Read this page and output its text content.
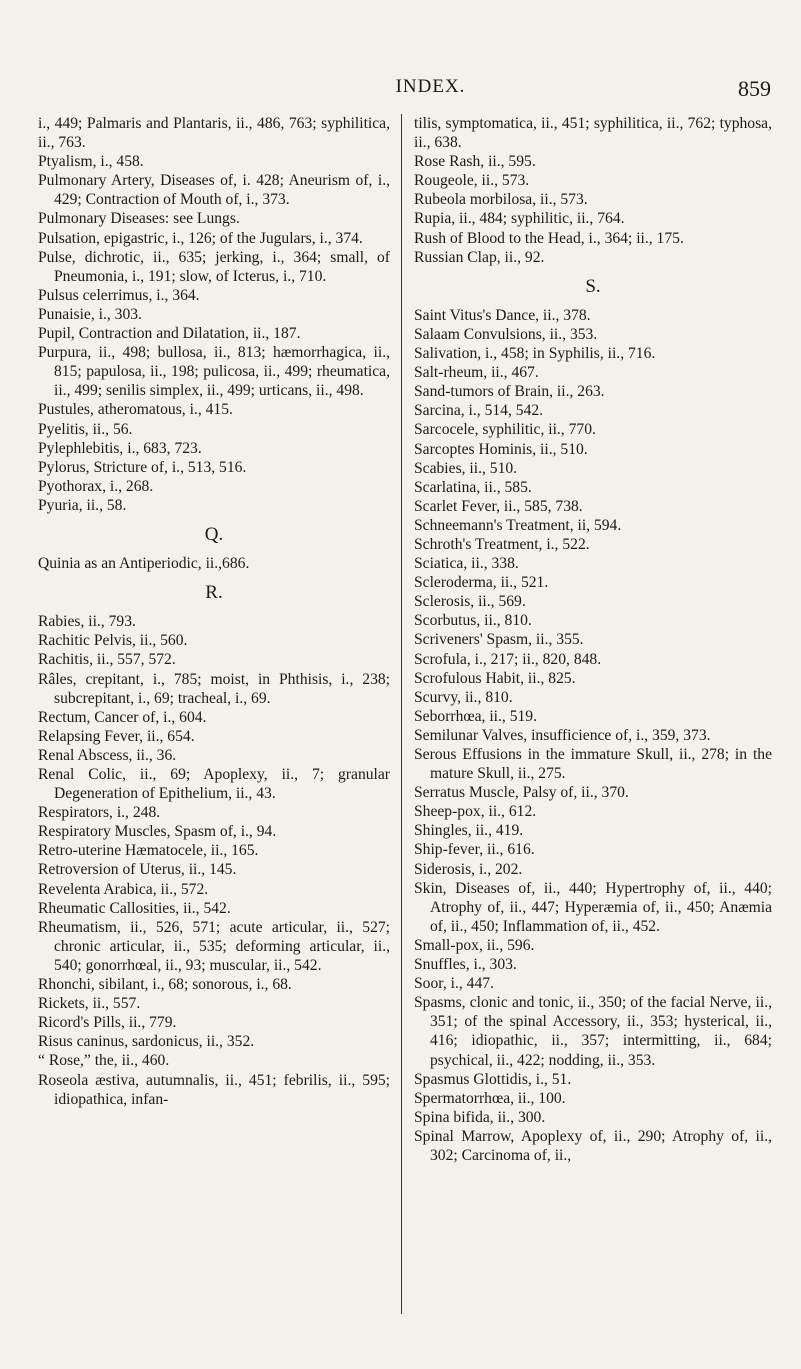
INDEX.	859
i., 449; Palmaris and Plantaris, ii., 486, 763; syphilitica, ii., 763.
Ptyalism, i., 458.
Pulmonary Artery, Diseases of, i. 428; Aneurism of, i., 429; Contraction of Mouth of, i., 373.
Pulmonary Diseases: see Lungs.
Pulsation, epigastric, i., 126; of the Jugulars, i., 374.
Pulse, dichrotic, ii., 635; jerking, i., 364; small, of Pneumonia, i., 191; slow, of Icterus, i., 710.
Pulsus celerrimus, i., 364.
Punaisie, i., 303.
Pupil, Contraction and Dilatation, ii., 187.
Purpura, ii., 498; bullosa, ii., 813; hæmorrhagica, ii., 815; papulosa, ii., 198; pulicosa, ii., 499; rheumatica, ii., 499; senilis simplex, ii., 499; urticans, ii., 498.
Pustules, atheromatous, i., 415.
Pyelitis, ii., 56.
Pylephlebitis, i., 683, 723.
Pylorus, Stricture of, i., 513, 516.
Pyothorax, i., 268.
Pyuria, ii., 58.
Q.
Quinia as an Antiperiodic, ii.,686.
R.
Rabies, ii., 793.
Rachitic Pelvis, ii., 560.
Rachitis, ii., 557, 572.
Râles, crepitant, i., 785; moist, in Phthisis, i., 238; subcrepitant, i., 69; tracheal, i., 69.
Rectum, Cancer of, i., 604.
Relapsing Fever, ii., 654.
Renal Abscess, ii., 36.
Renal Colic, ii., 69; Apoplexy, ii., 7; granular Degeneration of Epithelium, ii., 43.
Respirators, i., 248.
Respiratory Muscles, Spasm of, i., 94.
Retro-uterine Hæmatocele, ii., 165.
Retroversion of Uterus, ii., 145.
Revelenta Arabica, ii., 572.
Rheumatic Callosities, ii., 542.
Rheumatism, ii., 526, 571; acute articular, ii., 527; chronic articular, ii., 535; deforming articular, ii., 540; gonorrhœal, ii., 93; muscular, ii., 542.
Rhonchi, sibilant, i., 68; sonorous, i., 68.
Rickets, ii., 557.
Ricord's Pills, ii., 779.
Risus caninus, sardonicus, ii., 352.
“ Rose,” the, ii., 460.
Roseola æstiva, autumnalis, ii., 451; febrilis, ii., 595; idiopathica, infan-
tilis, symptomatica, ii., 451; syphilitica, ii., 762; typhosa, ii., 638.
Rose Rash, ii., 595.
Rougeole, ii., 573.
Rubeola morbilosa, ii., 573.
Rupia, ii., 484; syphilitic, ii., 764.
Rush of Blood to the Head, i., 364; ii., 175.
Russian Clap, ii., 92.
S.
Saint Vitus's Dance, ii., 378.
Salaam Convulsions, ii., 353.
Salivation, i., 458; in Syphilis, ii., 716.
Salt-rheum, ii., 467.
Sand-tumors of Brain, ii., 263.
Sarcina, i., 514, 542.
Sarcocele, syphilitic, ii., 770.
Sarcoptes Hominis, ii., 510.
Scabies, ii., 510.
Scarlatina, ii., 585.
Scarlet Fever, ii., 585, 738.
Schneemann's Treatment, ii, 594.
Schroth's Treatment, i., 522.
Sciatica, ii., 338.
Scleroderma, ii., 521.
Sclerosis, ii., 569.
Scorbutus, ii., 810.
Scriveners' Spasm, ii., 355.
Scrofula, i., 217; ii., 820, 848.
Scrofulous Habit, ii., 825.
Scurvy, ii., 810.
Seborrhœa, ii., 519.
Semilunar Valves, insufficience of, i., 359, 373.
Serous Effusions in the immature Skull, ii., 278; in the mature Skull, ii., 275.
Serratus Muscle, Palsy of, ii., 370.
Sheep-pox, ii., 612.
Shingles, ii., 419.
Ship-fever, ii., 616.
Siderosis, i., 202.
Skin, Diseases of, ii., 440; Hypertrophy of, ii., 440; Atrophy of, ii., 447; Hyperæmia of, ii., 450; Anæmia of, ii., 450; Inflammation of, ii., 452.
Small-pox, ii., 596.
Snuffles, i., 303.
Soor, i., 447.
Spasms, clonic and tonic, ii., 350; of the facial Nerve, ii., 351; of the spinal Accessory, ii., 353; hysterical, ii., 416; idiopathic, ii., 357; intermitting, ii., 684; psychical, ii., 422; nodding, ii., 353.
Spasmus Glottidis, i., 51.
Spermatorrhœa, ii., 100.
Spina bifida, ii., 300.
Spinal Marrow, Apoplexy of, ii., 290; Atrophy of, ii., 302; Carcinoma of, ii.,
